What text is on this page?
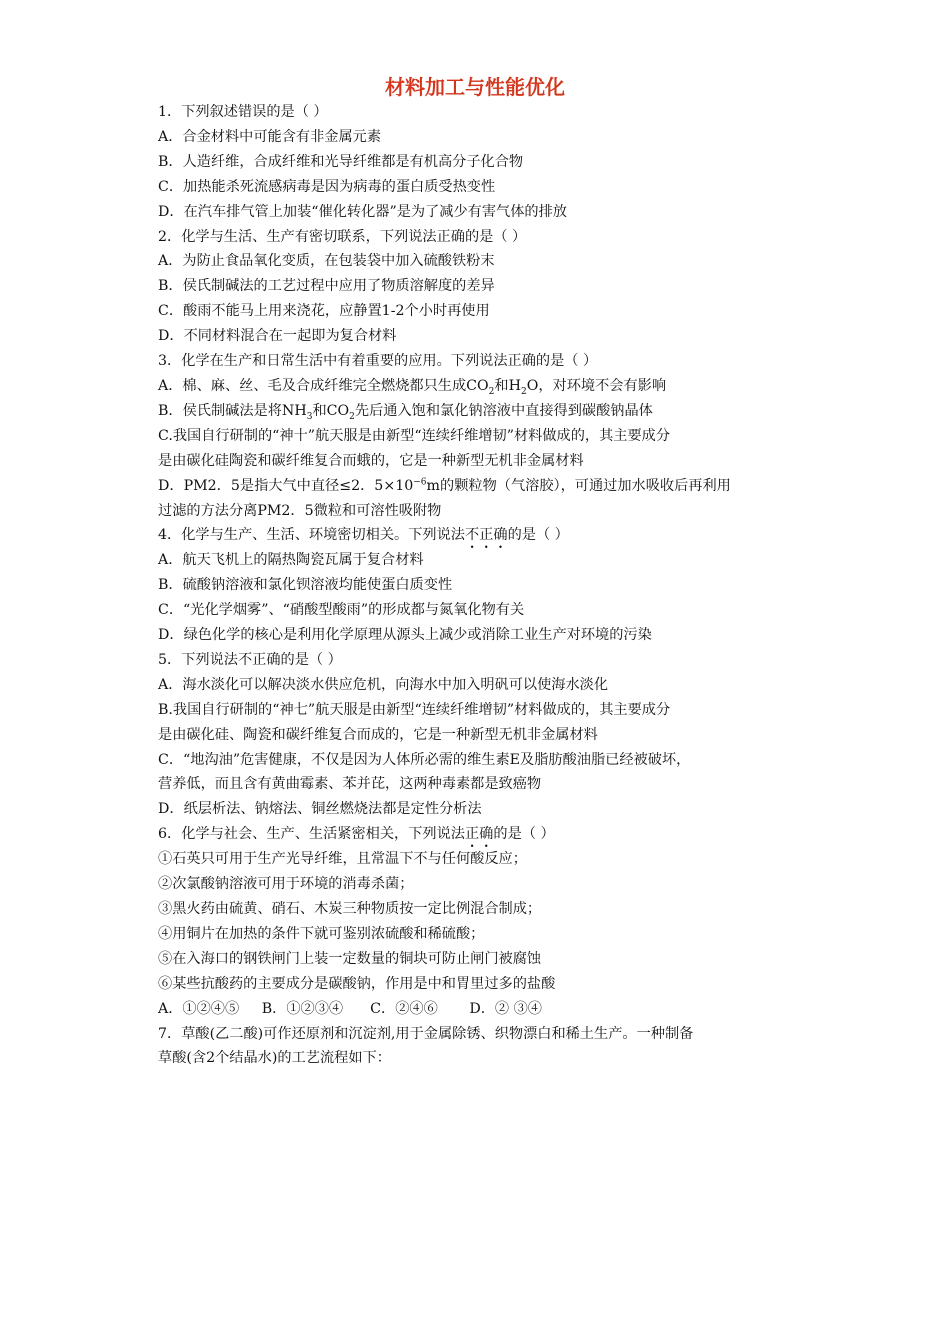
材料加工与性能优化

1．下列叙述错误的是（ ）

A．合金材料中可能含有非金属元素

B．人造纤维，合成纤维和光导纤维都是有机高分子化合物

C．加热能杀死流感病毒是因为病毒的蛋白质受热变性

D．在汽车排气管上加装“催化转化器”是为了减少有害气体的排放

2．化学与生活、生产有密切联系，下列说法正确的是（ ）

A．为防止食品氧化变质，在包装袋中加入硫酸铁粉末

B．侯氏制碱法的工艺过程中应用了物质溶解度的差异

C．酸雨不能马上用来浇花，应静置1-2个小时再使用

D．不同材料混合在一起即为复合材料

3．化学在生产和日常生活中有着重要的应用。下列说法正确的是（ ）

A．棉、麻、丝、毛及合成纤维完全燃烧都只生成$CO_2$和$H_2O$，对环境不会有影响

B．侯氏制碱法是将$NH_3$和$CO_2$先后通入饱和氯化钠溶液中直接得到碳酸钠晶体

C.我国自行研制的“神十”航天服是由新型“连续纤维增韧”材料做成的，其主要成分

是由碳化硅陶瓷和碳纤维复合而蛾的，它是一种新型无机非金属材料

D．PM2．5是指大气中直径≤2．$5\times 10^{-6}m$的颗粒物（气溶胶），可通过加水吸收后再利用

过滤的方法分离PM2．5微粒和可溶性吸附物

4．化学与生产、生活、环境密切相关。下列说法不正确的是（ ）

A．航天飞机上的隔热陶瓷瓦属于复合材料

B．硫酸钠溶液和氯化钡溶液均能使蛋白质变性

C．“光化学烟雾”、“硝酸型酸雨”的形成都与氮氧化物有关

D．绿色化学的核心是利用化学原理从源头上减少或消除工业生产对环境的污染

5．下列说法不正确的是（ ）

A．海水淡化可以解决淡水供应危机，向海水中加入明矾可以使海水淡化

B.我国自行研制的“神七”航天服是由新型“连续纤维增韧”材料做成的，其主要成分

是由碳化硅、陶瓷和碳纤维复合而成的，它是一种新型无机非金属材料

C．“地沟油”危害健康，不仅是因为人体所必需的维生素E及脂肪酸油脂已经被破坏，

营养低，而且含有黄曲霉素、苯并芘，这两种毒素都是致癌物

D．纸层析法、钠熔法、铜丝燃烧法都是定性分析法

6．化学与社会、生产、生活紧密相关，下列说法正确的是（ ）

①石英只可用于生产光导纤维，且常温下不与任何酸反应；

②次氯酸钠溶液可用于环境的消毒杀菌；

③黑火药由硫黄、硝石、木炭三种物质按一定比例混合制成；

④用铜片在加热的条件下就可鉴别浓硫酸和稀硫酸；

⑤在入海口的钢铁闸门上装一定数量的铜块可防止闸门被腐蚀

⑥某些抗酸药的主要成分是碳酸钠，作用是中和胃里过多的盐酸

A．①②④⑤     B．①②③④      C．②④⑥       D．② ③④

7．草酸(乙二酸)可作还原剂和沉淀剂,用于金属除锈、织物漂白和稀土生产。一种制备

草酸(含2个结晶水)的工艺流程如下：
